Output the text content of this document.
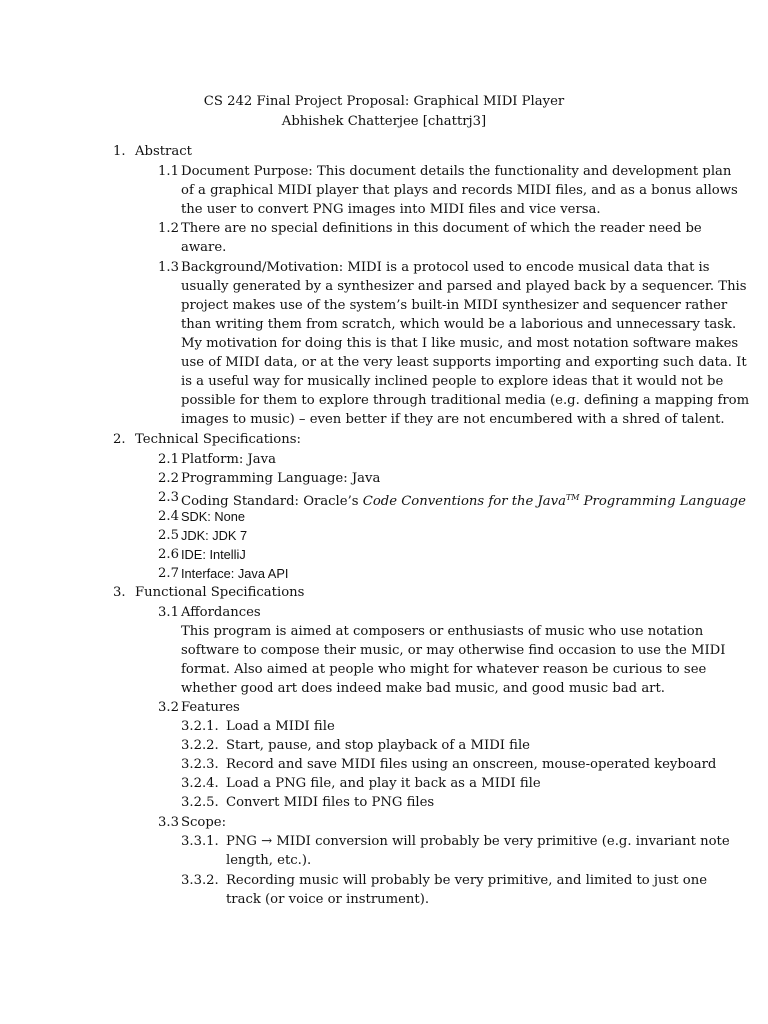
CS 242 Final Project Proposal: Graphical MIDI Player
Abhishek Chatterjee [chattrj3]
1. Abstract
1.1 Document Purpose: This document details the functionality and development plan
of a graphical MIDI player that plays and records MIDI files, and as a bonus allows
the user to convert PNG images into MIDI files and vice versa.
1.2 There are no special definitions in this document of which the reader need be
aware.
1.3 Background/Motivation: MIDI is a protocol used to encode musical data that is
usually generated by a synthesizer and parsed and played back by a sequencer. This
project makes use of the system’s built-in MIDI synthesizer and sequencer rather
than writing them from scratch, which would be a laborious and unnecessary task.
My motivation for doing this is that I like music, and most notation software makes
use of MIDI data, or at the very least supports importing and exporting such data. It
is a useful way for musically inclined people to explore ideas that it would not be
possible for them to explore through traditional media (e.g. defining a mapping from
images to music) – even better if they are not encumbered with a shred of talent.
2. Technical Specifications:
2.1 Platform: Java
2.2 Programming Language: Java
2.3 Coding Standard: Oracle’s Code Conventions for the Java™ Programming Language
2.4 SDK: None
2.5 JDK: JDK 7
2.6 IDE: IntelliJ
2.7 Interface: Java API
3. Functional Specifications
3.1 Affordances
This program is aimed at composers or enthusiasts of music who use notation
software to compose their music, or may otherwise find occasion to use the MIDI
format. Also aimed at people who might for whatever reason be curious to see
whether good art does indeed make bad music, and good music bad art.
3.2 Features
3.2.1. Load a MIDI file
3.2.2. Start, pause, and stop playback of a MIDI file
3.2.3. Record and save MIDI files using an onscreen, mouse-operated keyboard
3.2.4. Load a PNG file, and play it back as a MIDI file
3.2.5. Convert MIDI files to PNG files
3.3 Scope:
3.3.1. PNG → MIDI conversion will probably be very primitive (e.g. invariant note
length, etc.).
3.3.2. Recording music will probably be very primitive, and limited to just one
track (or voice or instrument).
